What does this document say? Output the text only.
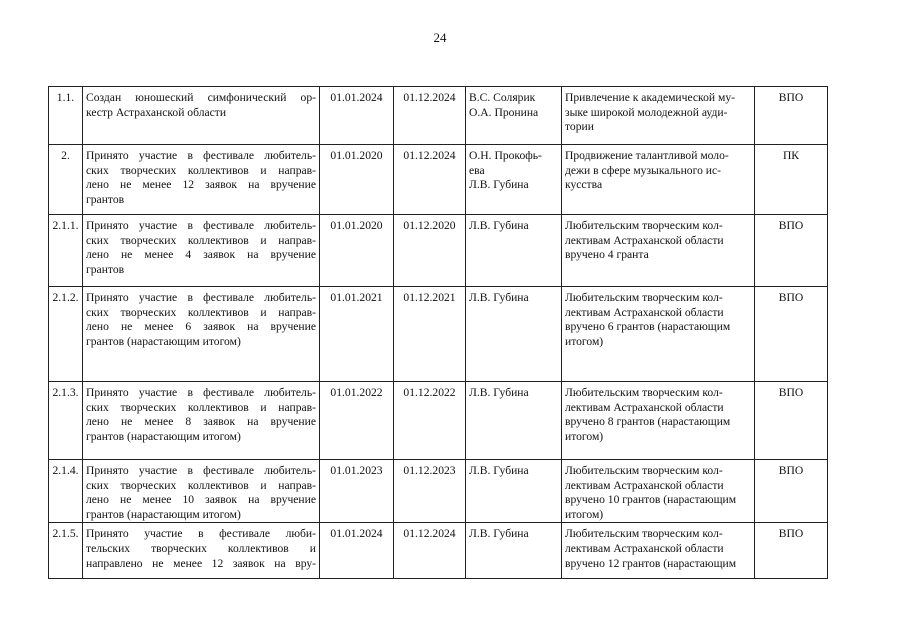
24
1.1.	Создан юношеский симфонический ор-
кестр Астраханской области	01.01.2024	01.12.2024	В.С. Солярик
О.А. Пронина	Привлечение к академической му-
зыке широкой молодежной ауди-
тории	ВПО

2.	Принято участие в фестивале любитель-
ских творческих коллективов и направ-
лено не менее 12 заявок на вручение
грантов	01.01.2020	01.12.2024	О.Н. Прокофь-
ева
Л.В. Губина	Продвижение талантливой моло-
дежи в сфере музыкального ис-
кусства	ПК

2.1.1.	Принято участие в фестивале любитель-
ских творческих коллективов и направ-
лено не менее 4 заявок на вручение
грантов	01.01.2020	01.12.2020	Л.В. Губина	Любительским творческим кол-
лективам Астраханской области
вручено 4 гранта	ВПО

2.1.2.	Принято участие в фестивале любитель-
ских творческих коллективов и направ-
лено не менее 6 заявок на вручение
грантов (нарастающим итогом)	01.01.2021	01.12.2021	Л.В. Губина	Любительским творческим кол-
лективам Астраханской области
вручено 6 грантов (нарастающим
итогом)	ВПО

2.1.3.	Принято участие в фестивале любитель-
ских творческих коллективов и направ-
лено не менее 8 заявок на вручение
грантов (нарастающим итогом)	01.01.2022	01.12.2022	Л.В. Губина	Любительским творческим кол-
лективам Астраханской области
вручено 8 грантов (нарастающим
итогом)	ВПО

2.1.4.	Принято участие в фестивале любитель-
ских творческих коллективов и направ-
лено не менее 10 заявок на вручение
грантов (нарастающим итогом)	01.01.2023	01.12.2023	Л.В. Губина	Любительским творческим кол-
лективам Астраханской области
вручено 10 грантов (нарастающим
итогом)	ВПО

2.1.5.	Принято участие в фестивале люби-
тельских творческих коллективов и
направлено не менее 12 заявок на вру-	01.01.2024	01.12.2024	Л.В. Губина	Любительским творческим кол-
лективам Астраханской области
вручено 12 грантов (нарастающим	ВПО
